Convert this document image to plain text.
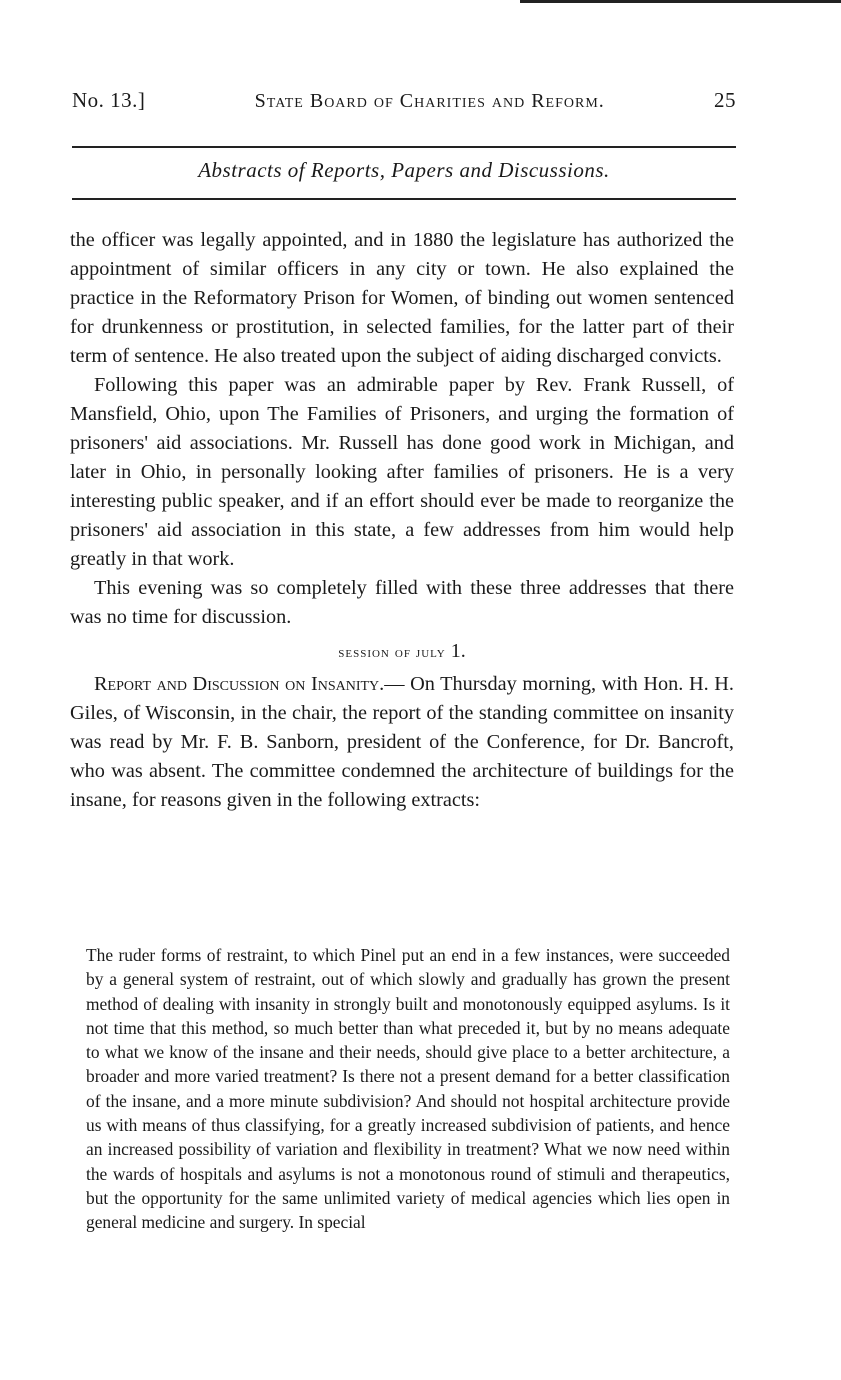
No. 13.]	State Board of Charities and Reform.	25
Abstracts of Reports, Papers and Discussions.

the officer was legally appointed, and in 1880 the legislature has authorized the appointment of similar officers in any city or town. He also explained the practice in the Reformatory Prison for Women, of binding out women sentenced for drunkenness or prostitution, in selected families, for the latter part of their term of sentence. He also treated upon the subject of aiding discharged convicts.

Following this paper was an admirable paper by Rev. Frank Russell, of Mansfield, Ohio, upon The Families of Prisoners, and urging the formation of prisoners' aid associations. Mr. Russell has done good work in Michigan, and later in Ohio, in personally looking after families of prisoners. He is a very interesting public speaker, and if an effort should ever be made to reorganize the prisoners' aid association in this state, a few addresses from him would help greatly in that work.

This evening was so completely filled with these three addresses that there was no time for discussion.

session of july 1.

Report and Discussion on Insanity.— On Thursday morning, with Hon. H. H. Giles, of Wisconsin, in the chair, the report of the standing committee on insanity was read by Mr. F. B. Sanborn, president of the Conference, for Dr. Bancroft, who was absent. The committee condemned the architecture of buildings for the insane, for reasons given in the following extracts:

The ruder forms of restraint, to which Pinel put an end in a few instances, were succeeded by a general system of restraint, out of which slowly and gradually has grown the present method of dealing with insanity in strongly built and monotonously equipped asylums. Is it not time that this method, so much better than what preceded it, but by no means adequate to what we know of the insane and their needs, should give place to a better architecture, a broader and more varied treatment? Is there not a present demand for a better classification of the insane, and a more minute subdivision? And should not hospital architecture provide us with means of thus classifying, for a greatly increased subdivision of patients, and hence an increased possibility of variation and flexibility in treatment? What we now need within the wards of hospitals and asylums is not a monotonous round of stimuli and therapeutics, but the opportunity for the same unlimited variety of medical agencies which lies open in general medicine and surgery. In special
